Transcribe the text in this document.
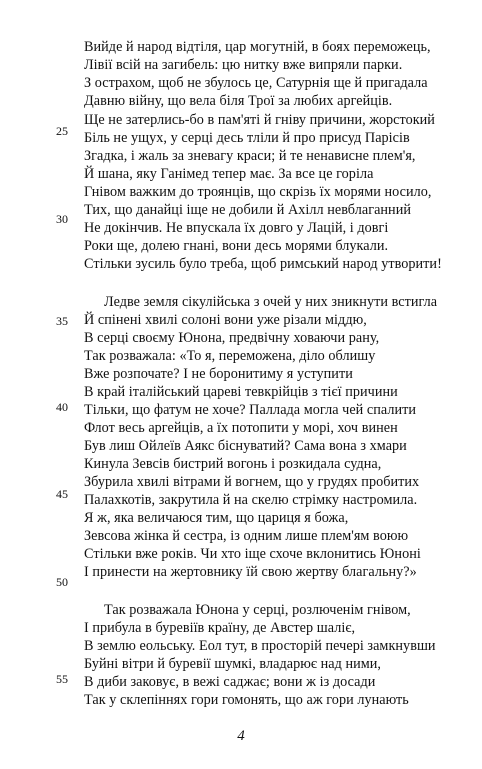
Вийде й народ відтіля, цар могутній, в боях переможець,
Лівії всій на загибель: цю нитку вже випряли парки.
З острахом, щоб не збулось це, Сатурнія ще й пригадала
Давню війну, що вела біля Трої за любих аргейців.
Ще не затерлись-бо в пам'яті й гніву причини, жорстокий
Біль не ущух, у серці десь тліли й про присуд Парісів
Згадка, і жаль за зневагу краси; й те ненависне плем'я,
Й шана, яку Ганімед тепер має. За все це горіла
Гнівом важким до троянців, що скрізь їх морями носило,
Тих, що данайці іще не добили й Ахілл невблаганний
Не докінчив. Не впускала їх довго у Лацій, і довгі
Роки ще, долею гнані, вони десь морями блукали.
Стільки зусиль було треба, щоб римський народ утворити!
Ледве земля сікулійська з очей у них зникнути встигла
Й спінені хвилі солоні вони уже різали міддю,
В серці своєму Юнона, предвічну ховаючи рану,
Так розважала: «То я, переможена, діло облишу
Вже розпочате? І не боронитиму я уступити
В край італійський цареві тевкрійців з тієї причини
Тільки, що фатум не хоче? Паллада могла чей спалити
Флот весь аргейців, а їх потопити у морі, хоч винен
Був лиш Ойлеїв Аякс біснуватий? Сама вона з хмари
Кинула Зевсів бистрий вогонь і розкидала судна,
Збурила хвилі вітрами й вогнем, що у грудях пробитих
Палахкотів, закрутила й на скелю стрімку настромила.
Я ж, яка величаюся тим, що цариця я божа,
Зевсова жінка й сестра, із одним лише плем'ям воюю
Стільки вже років. Чи хто іще схоче вклонитись Юноні
І принести на жертовнику їй свою жертву благальну?»
Так розважала Юнона у серці, розлюченім гнівом,
І прибула в буревіїв країну, де Австер шаліє,
В землю еольську. Еол тут, в просторій печері замкнувши
Буйні вітри й буревії шумкі, владарює над ними,
В диби заковує, в вежі саджає; вони ж із досади
Так у склепіннях гори гомонять, що аж гори лунають
25
30
35
40
45
50
55
4
